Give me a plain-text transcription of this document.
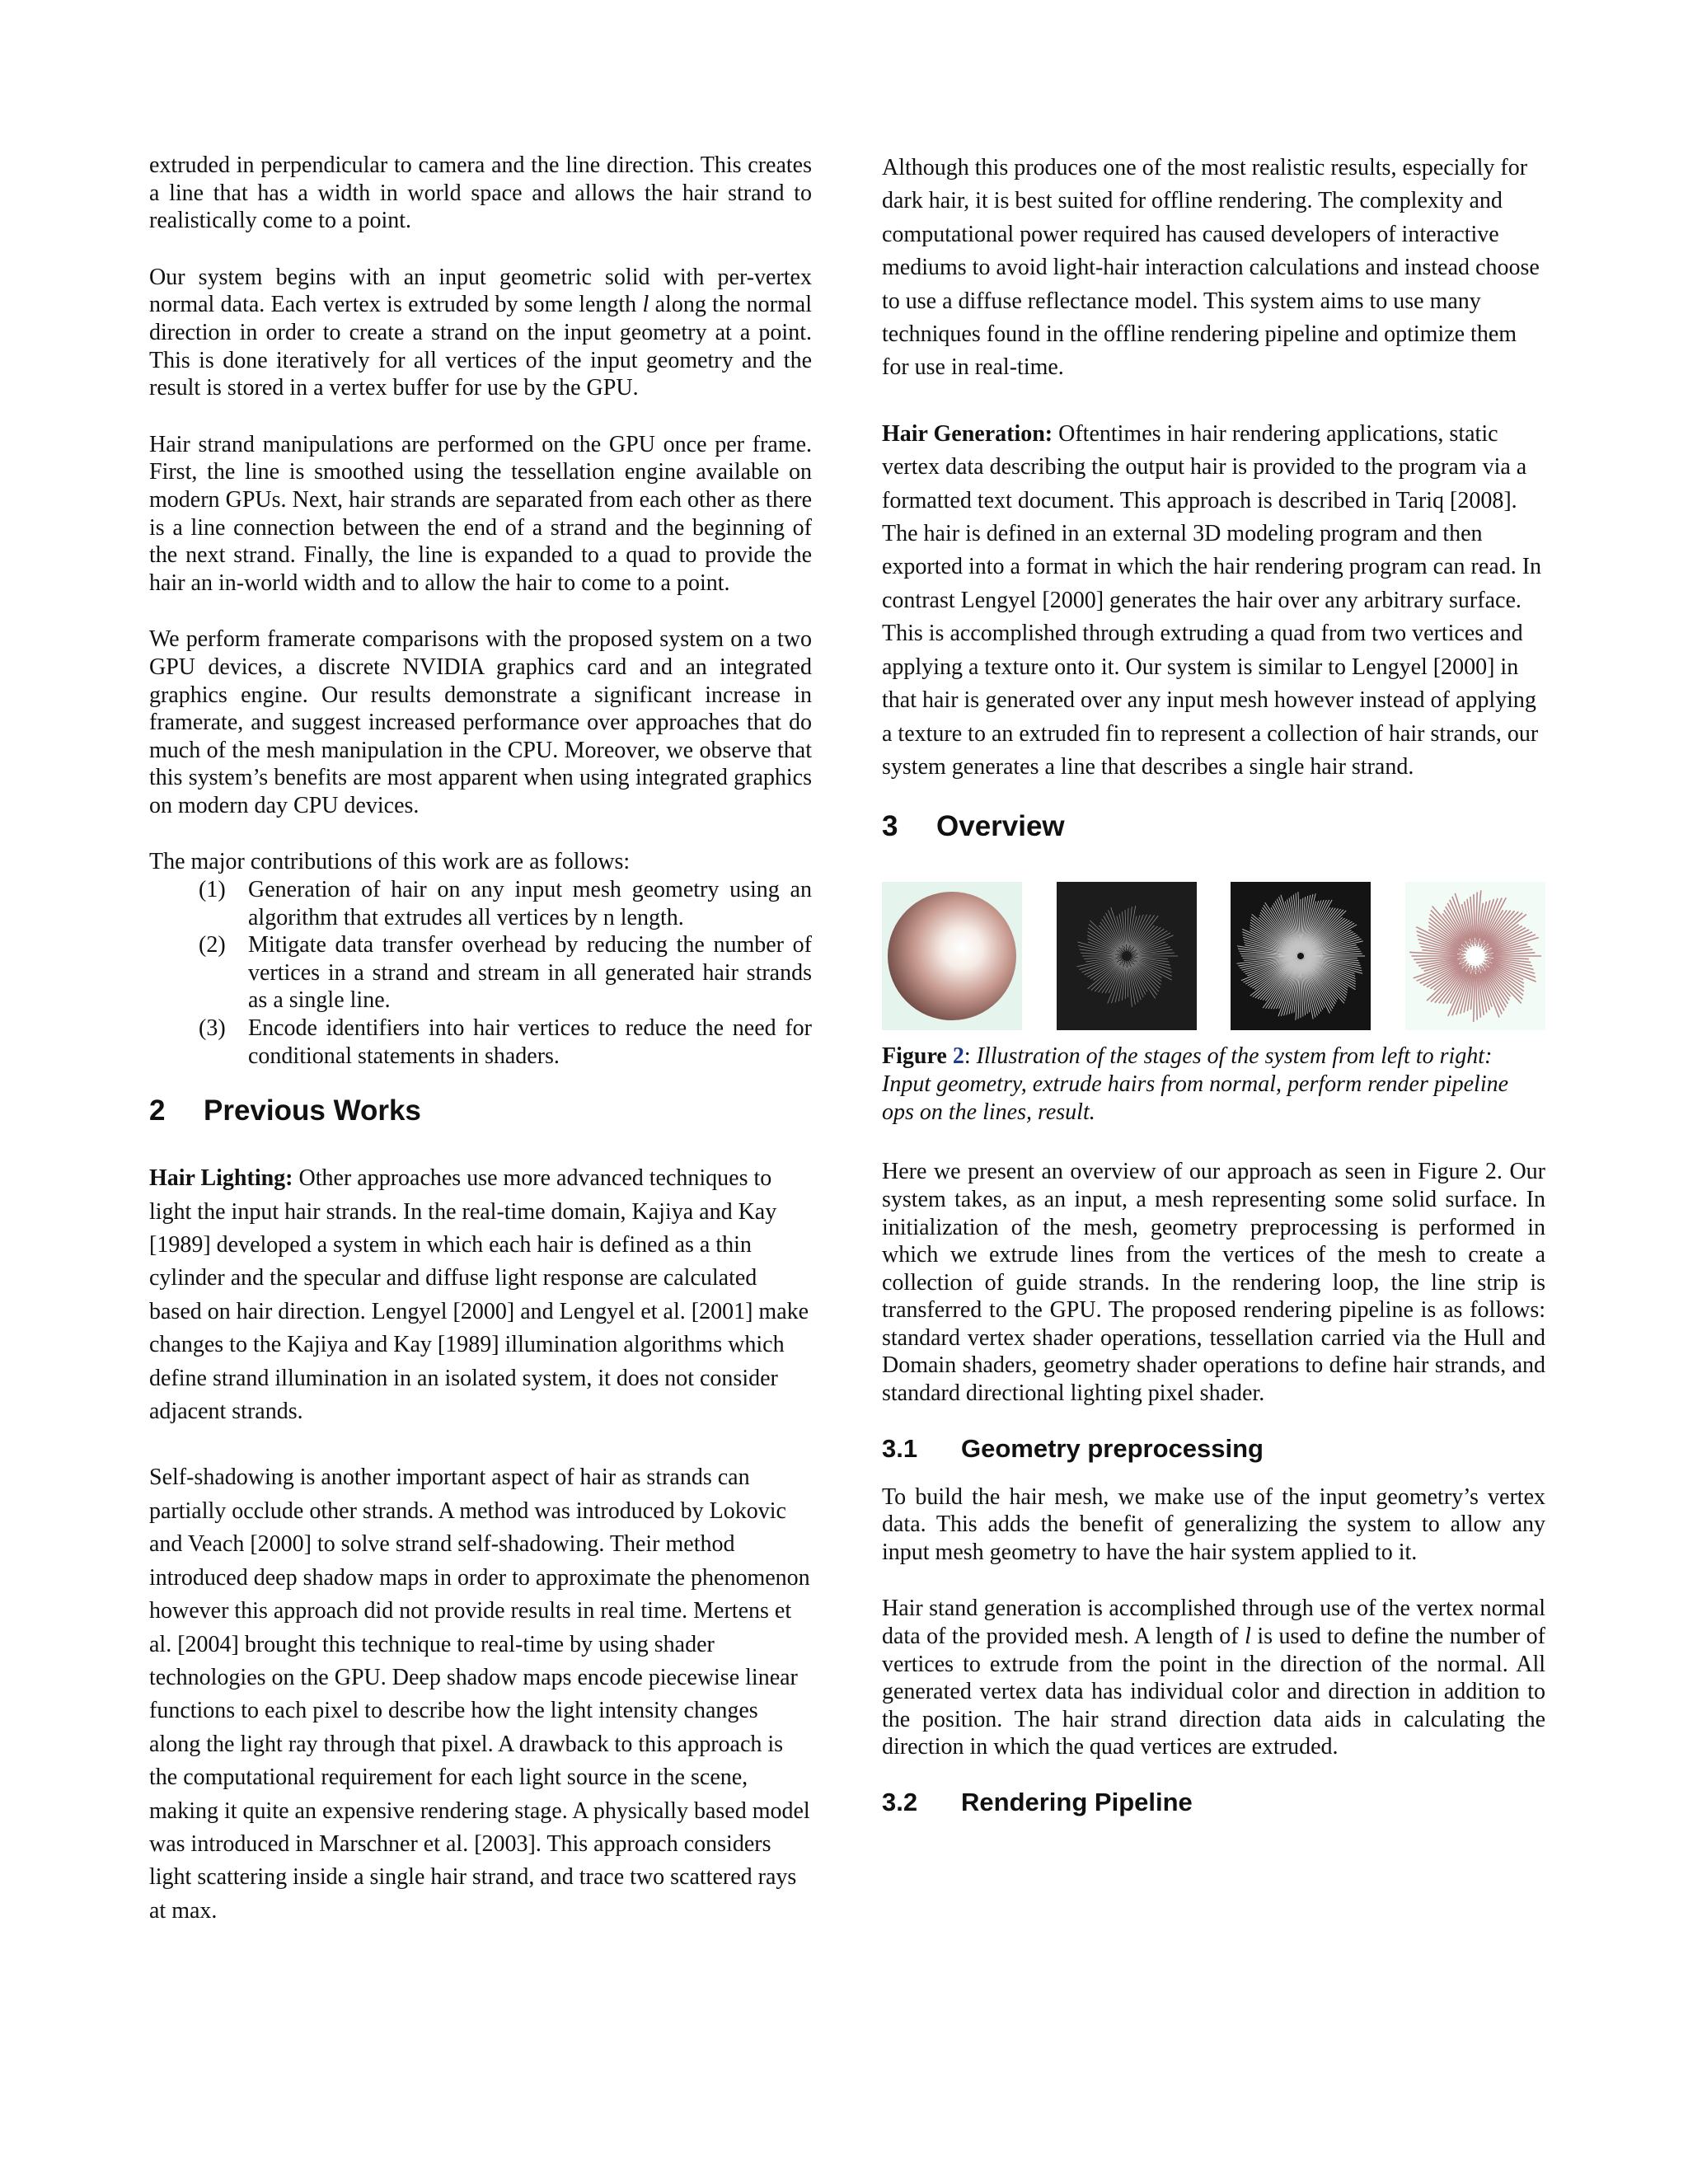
extruded in perpendicular to camera and the line direction. This creates a line that has a width in world space and allows the hair strand to realistically come to a point.

Our system begins with an input geometric solid with per-vertex normal data. Each vertex is extruded by some length l along the normal direction in order to create a strand on the input geometry at a point. This is done iteratively for all vertices of the input geometry and the result is stored in a vertex buffer for use by the GPU.

Hair strand manipulations are performed on the GPU once per frame. First, the line is smoothed using the tessellation engine available on modern GPUs. Next, hair strands are separated from each other as there is a line connection between the end of a strand and the beginning of the next strand. Finally, the line is expanded to a quad to provide the hair an in-world width and to allow the hair to come to a point.

We perform framerate comparisons with the proposed system on a two GPU devices, a discrete NVIDIA graphics card and an integrated graphics engine. Our results demonstrate a significant increase in framerate, and suggest increased performance over approaches that do much of the mesh manipulation in the CPU. Moreover, we observe that this system’s benefits are most apparent when using integrated graphics on modern day CPU devices.

The major contributions of this work are as follows:

(1) Generation of hair on any input mesh geometry using an algorithm that extrudes all vertices by n length.
(2) Mitigate data transfer overhead by reducing the number of vertices in a strand and stream in all generated hair strands as a single line.
(3) Encode identifiers into hair vertices to reduce the need for conditional statements in shaders.
2 Previous Works

Hair Lighting: Other approaches use more advanced techniques to light the input hair strands. In the real-time domain, Kajiya and Kay [1989] developed a system in which each hair is defined as a thin cylinder and the specular and diffuse light response are calculated based on hair direction. Lengyel [2000] and Lengyel et al. [2001] make changes to the Kajiya and Kay [1989] illumination algorithms which define strand illumination in an isolated system, it does not consider adjacent strands.

Self-shadowing is another important aspect of hair as strands can partially occlude other strands. A method was introduced by Lokovic and Veach [2000] to solve strand self-shadowing. Their method introduced deep shadow maps in order to approximate the phenomenon however this approach did not provide results in real time. Mertens et al. [2004] brought this technique to real-time by using shader technologies on the GPU. Deep shadow maps encode piecewise linear functions to each pixel to describe how the light intensity changes along the light ray through that pixel. A drawback to this approach is the computational requirement for each light source in the scene, making it quite an expensive rendering stage. A physically based model was introduced in Marschner et al. [2003]. This approach considers light scattering inside a single hair strand, and trace two scattered rays at max.

Although this produces one of the most realistic results, especially for dark hair, it is best suited for offline rendering. The complexity and computational power required has caused developers of interactive mediums to avoid light-hair interaction calculations and instead choose to use a diffuse reflectance model. This system aims to use many techniques found in the offline rendering pipeline and optimize them for use in real-time.

Hair Generation: Oftentimes in hair rendering applications, static vertex data describing the output hair is provided to the program via a formatted text document. This approach is described in Tariq [2008]. The hair is defined in an external 3D modeling program and then exported into a format in which the hair rendering program can read. In contrast Lengyel [2000] generates the hair over any arbitrary surface. This is accomplished through extruding a quad from two vertices and applying a texture onto it. Our system is similar to Lengyel [2000] in that hair is generated over any input mesh however instead of applying a texture to an extruded fin to represent a collection of hair strands, our system generates a line that describes a single hair strand.

3 Overview

Figure 2: Illustration of the stages of the system from left to right: Input geometry, extrude hairs from normal, perform render pipeline ops on the lines, result.

Here we present an overview of our approach as seen in Figure 2. Our system takes, as an input, a mesh representing some solid surface. In initialization of the mesh, geometry preprocessing is performed in which we extrude lines from the vertices of the mesh to create a collection of guide strands. In the rendering loop, the line strip is transferred to the GPU. The proposed rendering pipeline is as follows: standard vertex shader operations, tessellation carried via the Hull and Domain shaders, geometry shader operations to define hair strands, and standard directional lighting pixel shader.

3.1 Geometry preprocessing

To build the hair mesh, we make use of the input geometry’s vertex data. This adds the benefit of generalizing the system to allow any input mesh geometry to have the hair system applied to it.

Hair stand generation is accomplished through use of the vertex normal data of the provided mesh. A length of l is used to define the number of vertices to extrude from the point in the direction of the normal. All generated vertex data has individual color and direction in addition to the position. The hair strand direction data aids in calculating the direction in which the quad vertices are extruded.

3.2 Rendering Pipeline
